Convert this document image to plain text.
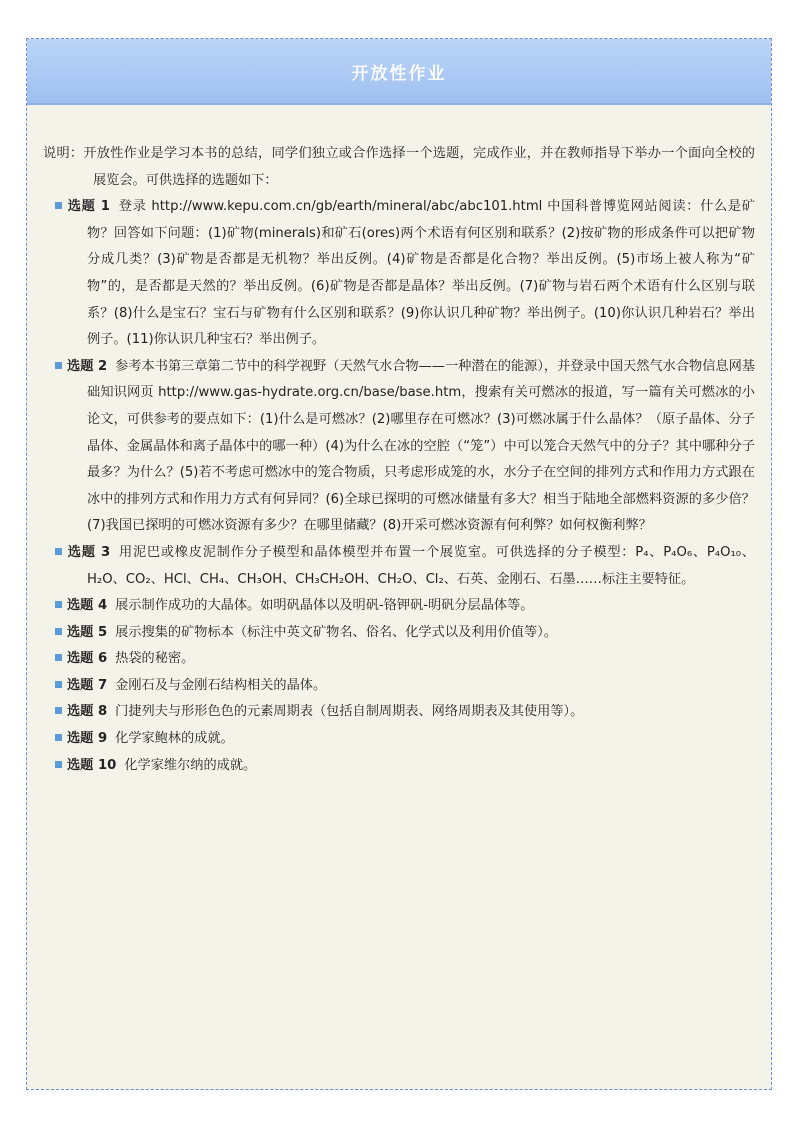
开放性作业
说明：开放性作业是学习本书的总结，同学们独立或合作选择一个选题，完成作业，并在教师指导下举办一个面向全校的展览会。可供选择的选题如下：
选题 1 登录 http://www.kepu.com.cn/gb/earth/mineral/abc/abc101.html 中国科普博览网站阅读：什么是矿物？回答如下问题：(1)矿物(minerals)和矿石(ores)两个术语有何区别和联系？(2)按矿物的形成条件可以把矿物分成几类？(3)矿物是否都是无机物？举出反例。(4)矿物是否都是化合物？举出反例。(5)市场上被人称为“矿物”的，是否都是天然的？举出反例。(6)矿物是否都是晶体？举出反例。(7)矿物与岩石两个术语有什么区别与联系？(8)什么是宝石？宝石与矿物有什么区别和联系？(9)你认识几种矿物？举出例子。(10)你认识几种岩石？举出例子。(11)你认识几种宝石？举出例子。
选题 2 参考本书第三章第二节中的科学视野（天然气水合物——一种潜在的能源），并登录中国天然气水合物信息网基础知识网页 http://www.gas-hydrate.org.cn/base/base.htm，搜索有关可燃冰的报道，写一篇有关可燃冰的小论文，可供参考的要点如下：(1)什么是可燃冰？(2)哪里存在可燃冰？(3)可燃冰属于什么晶体？（原子晶体、分子晶体、金属晶体和离子晶体中的哪一种）(4)为什么在冰的空腔（“笼”）中可以笼合天然气中的分子？其中哪种分子最多？为什么？(5)若不考虑可燃冰中的笼合物质，只考虑形成笼的水，水分子在空间的排列方式和作用力方式跟在冰中的排列方式和作用力方式有何异同？(6)全球已探明的可燃冰储量有多大？相当于陆地全部燃料资源的多少倍？(7)我国已探明的可燃冰资源有多少？在哪里储藏？(8)开采可燃冰资源有何利弊？如何权衡利弊？
选题 3 用泥巴或橡皮泥制作分子模型和晶体模型并布置一个展览室。可供选择的分子模型：P₄、P₄O₆、P₄O₁₀、H₂O、CO₂、HCl、CH₄、CH₃OH、CH₃CH₂OH、CH₂O、Cl₂、石英、金刚石、石墨……标注主要特征。
选题 4 展示制作成功的大晶体。如明矾晶体以及明矾-铬钾矾-明矾分层晶体等。
选题 5 展示搜集的矿物标本（标注中英文矿物名、俗名、化学式以及利用价值等）。
选题 6 热袋的秘密。
选题 7 金刚石及与金刚石结构相关的晶体。
选题 8 门捷列夫与形形色色的元素周期表（包括自制周期表、网络周期表及其使用等）。
选题 9 化学家鲍林的成就。
选题 10 化学家维尔纳的成就。
